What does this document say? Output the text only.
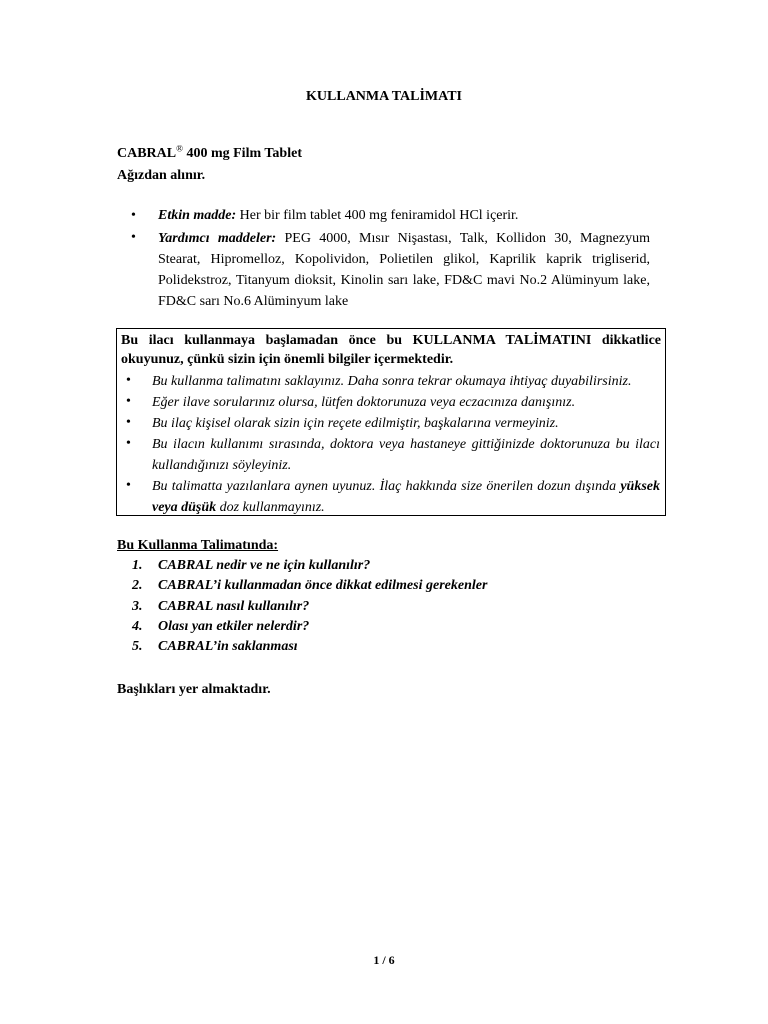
KULLANMA TALİMATI
CABRAL® 400 mg Film Tablet
Ağızdan alınır.
• Etkin madde: Her bir film tablet 400 mg feniramidol HCl içerir.
• Yardımcı maddeler: PEG 4000, Mısır Nişastası, Talk, Kollidon 30, Magnezyum Stearat, Hipromelloz, Kopolividon, Polietilen glikol, Kaprilik kaprik trigliserid, Polidekstroz, Titanyum dioksit, Kinolin sarı lake, FD&C mavi No.2 Alüminyum lake, FD&C sarı No.6 Alüminyum lake
Bu ilacı kullanmaya başlamadan önce bu KULLANMA TALİMATINI dikkatlice okuyunuz, çünkü sizin için önemli bilgiler içermektedir.
• Bu kullanma talimatını saklayınız. Daha sonra tekrar okumaya ihtiyaç duyabilirsiniz.
• Eğer ilave sorularınız olursa, lütfen doktorunuza veya eczacınıza danışınız.
• Bu ilaç kişisel olarak sizin için reçete edilmiştir, başkalarına vermeyiniz.
• Bu ilacın kullanımı sırasında, doktora veya hastaneye gittiğinizde doktorunuza bu ilacı kullandığınızı söyleyiniz.
• Bu talimatta yazılanlara aynen uyunuz. İlaç hakkında size önerilen dozun dışında yüksek veya düşük doz kullanmayınız.
Bu Kullanma Talimatında:
1.	CABRAL nedir ve ne için kullanılır?
2.	CABRAL’i kullanmadan önce dikkat edilmesi gerekenler
3.	CABRAL nasıl kullanılır?
4.	Olası yan etkiler nelerdir?
5.	CABRAL’in saklanması
Başlıkları yer almaktadır.
1 / 6
